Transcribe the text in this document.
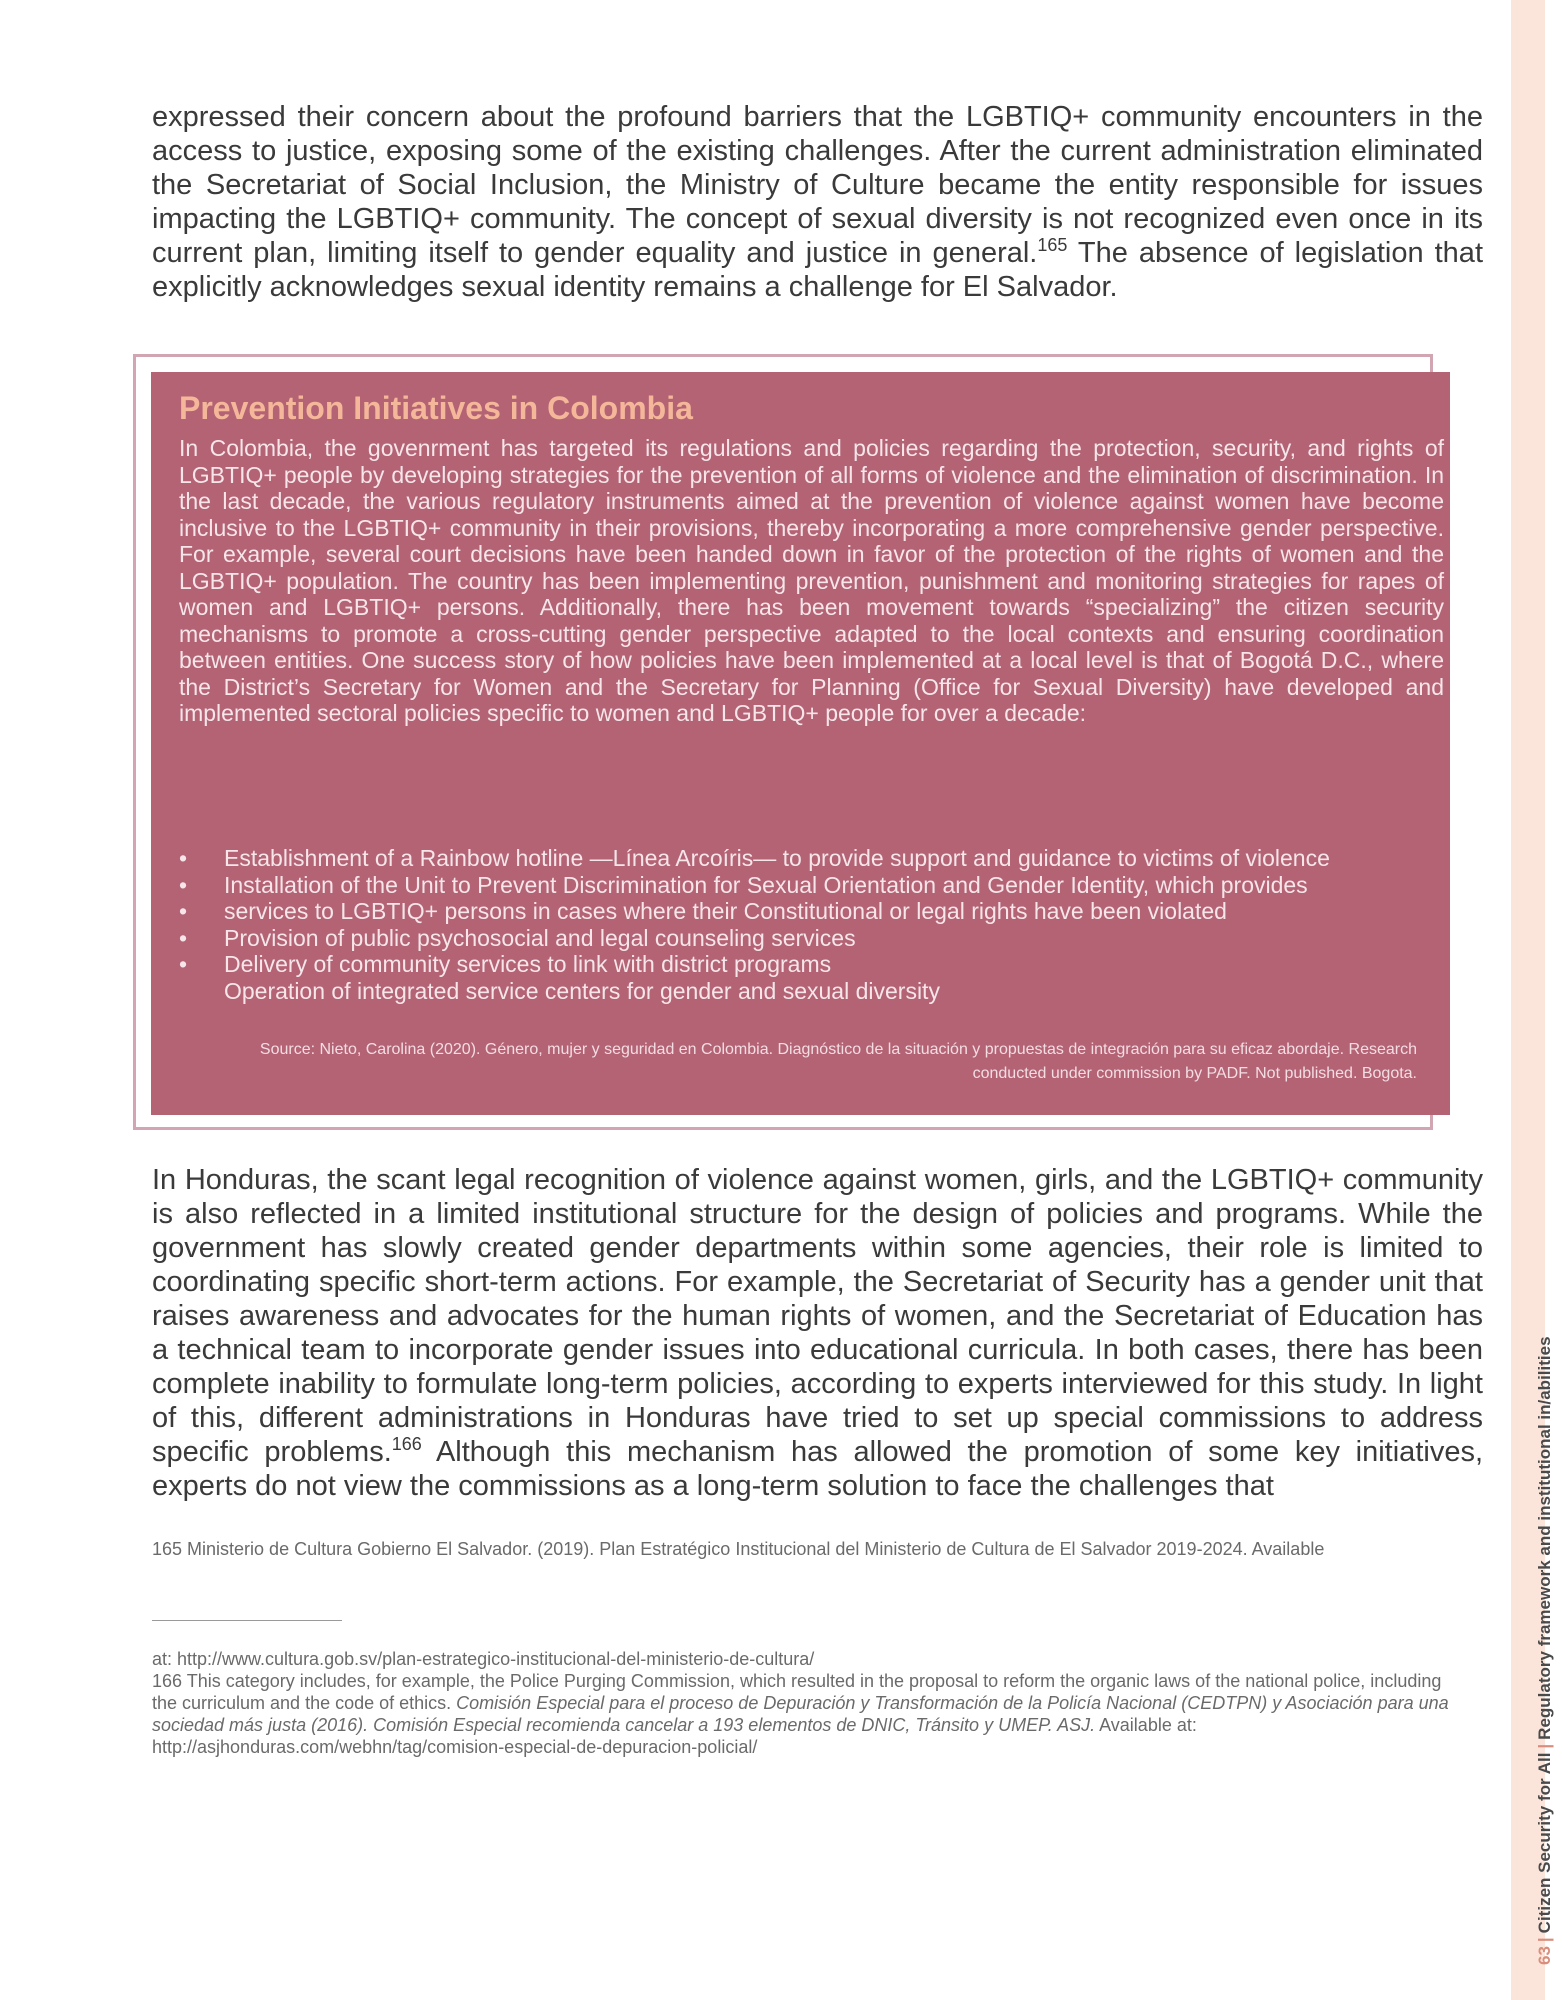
expressed their concern about the profound barriers that the LGBTIQ+ community encounters in the access to justice, exposing some of the existing challenges. After the current administration eliminated the Secretariat of Social Inclusion, the Ministry of Culture became the entity responsible for issues impacting the LGBTIQ+ community. The concept of sexual diversity is not recognized even once in its current plan, limiting itself to gender equality and justice in general.$^{165}$ The absence of legislation that explicitly acknowledges sexual identity remains a challenge for El Salvador.

Prevention Initiatives in Colombia

In Colombia, the govenrment has targeted its regulations and policies regarding the protection, security, and rights of LGBTIQ+ people by developing strategies for the prevention of all forms of violence and the elimination of discrimination. In the last decade, the various regulatory instruments aimed at the prevention of violence against women have become inclusive to the LGBTIQ+ community in their provisions, thereby incorporating a more comprehensive gender perspective. For example, several court decisions have been handed down in favor of the protection of the rights of women and the LGBTIQ+ population. The country has been implementing prevention, punishment and monitoring strategies for rapes of women and LGBTIQ+ persons. Additionally, there has been movement towards “specializing” the citizen security mechanisms to promote a cross-cutting gender perspective adapted to the local contexts and ensuring coordination between entities. One success story of how policies have been implemented at a local level is that of Bogotá D.C., where the District’s Secretary for Women and the Secretary for Planning (Office for Sexual Diversity) have developed and implemented sectoral policies specific to women and LGBTIQ+ people for over a decade:

• Establishment of a Rainbow hotline —Línea Arcoíris— to provide support and guidance to victims of violence
• Installation of the Unit to Prevent Discrimination for Sexual Orientation and Gender Identity, which provides
• services to LGBTIQ+ persons in cases where their Constitutional or legal rights have been violated
• Provision of public psychosocial and legal counseling services
• Delivery of community services to link with district programs
Operation of integrated service centers for gender and sexual diversity

Source: Nieto, Carolina (2020). Género, mujer y seguridad en Colombia. Diagnóstico de la situación y propuestas de integración para su eficaz abordaje. Research
conducted under commission by PADF. Not published. Bogota.

In Honduras, the scant legal recognition of violence against women, girls, and the LGBTIQ+ community is also reflected in a limited institutional structure for the design of policies and programs. While the government has slowly created gender departments within some agencies, their role is limited to coordinating specific short-term actions. For example, the Secretariat of Security has a gender unit that raises awareness and advocates for the human rights of women, and the Secretariat of Education has a technical team to incorporate gender issues into educational curricula. In both cases, there has been complete inability to formulate long-term policies, according to experts interviewed for this study. In light of this, different administrations in Honduras have tried to set up special commissions to address specific problems.$^{166}$ Although this mechanism has allowed the promotion of some key initiatives, experts do not view the commissions as a long-term solution to face the challenges that

165 Ministerio de Cultura Gobierno El Salvador. (2019). Plan Estratégico Institucional del Ministerio de Cultura de El Salvador 2019-2024. Available

at: http://www.cultura.gob.sv/plan-estrategico-institucional-del-ministerio-de-cultura/

166 This category includes, for example, the Police Purging Commission, which resulted in the proposal to reform the organic laws of the national police, including the curriculum and the code of ethics. Comisión Especial para el proceso de Depuración y Transformación de la Policía Nacional (CEDTPN) y Asociación para una sociedad más justa (2016). Comisión Especial recomienda cancelar a 193 elementos de DNIC, Tránsito y UMEP. ASJ. Available at: http://asjhonduras.com/webhn/tag/comision-especial-de-depuracion-policial/

63|Citizen Security for All|Regulatory framework and institutional in/abilities
